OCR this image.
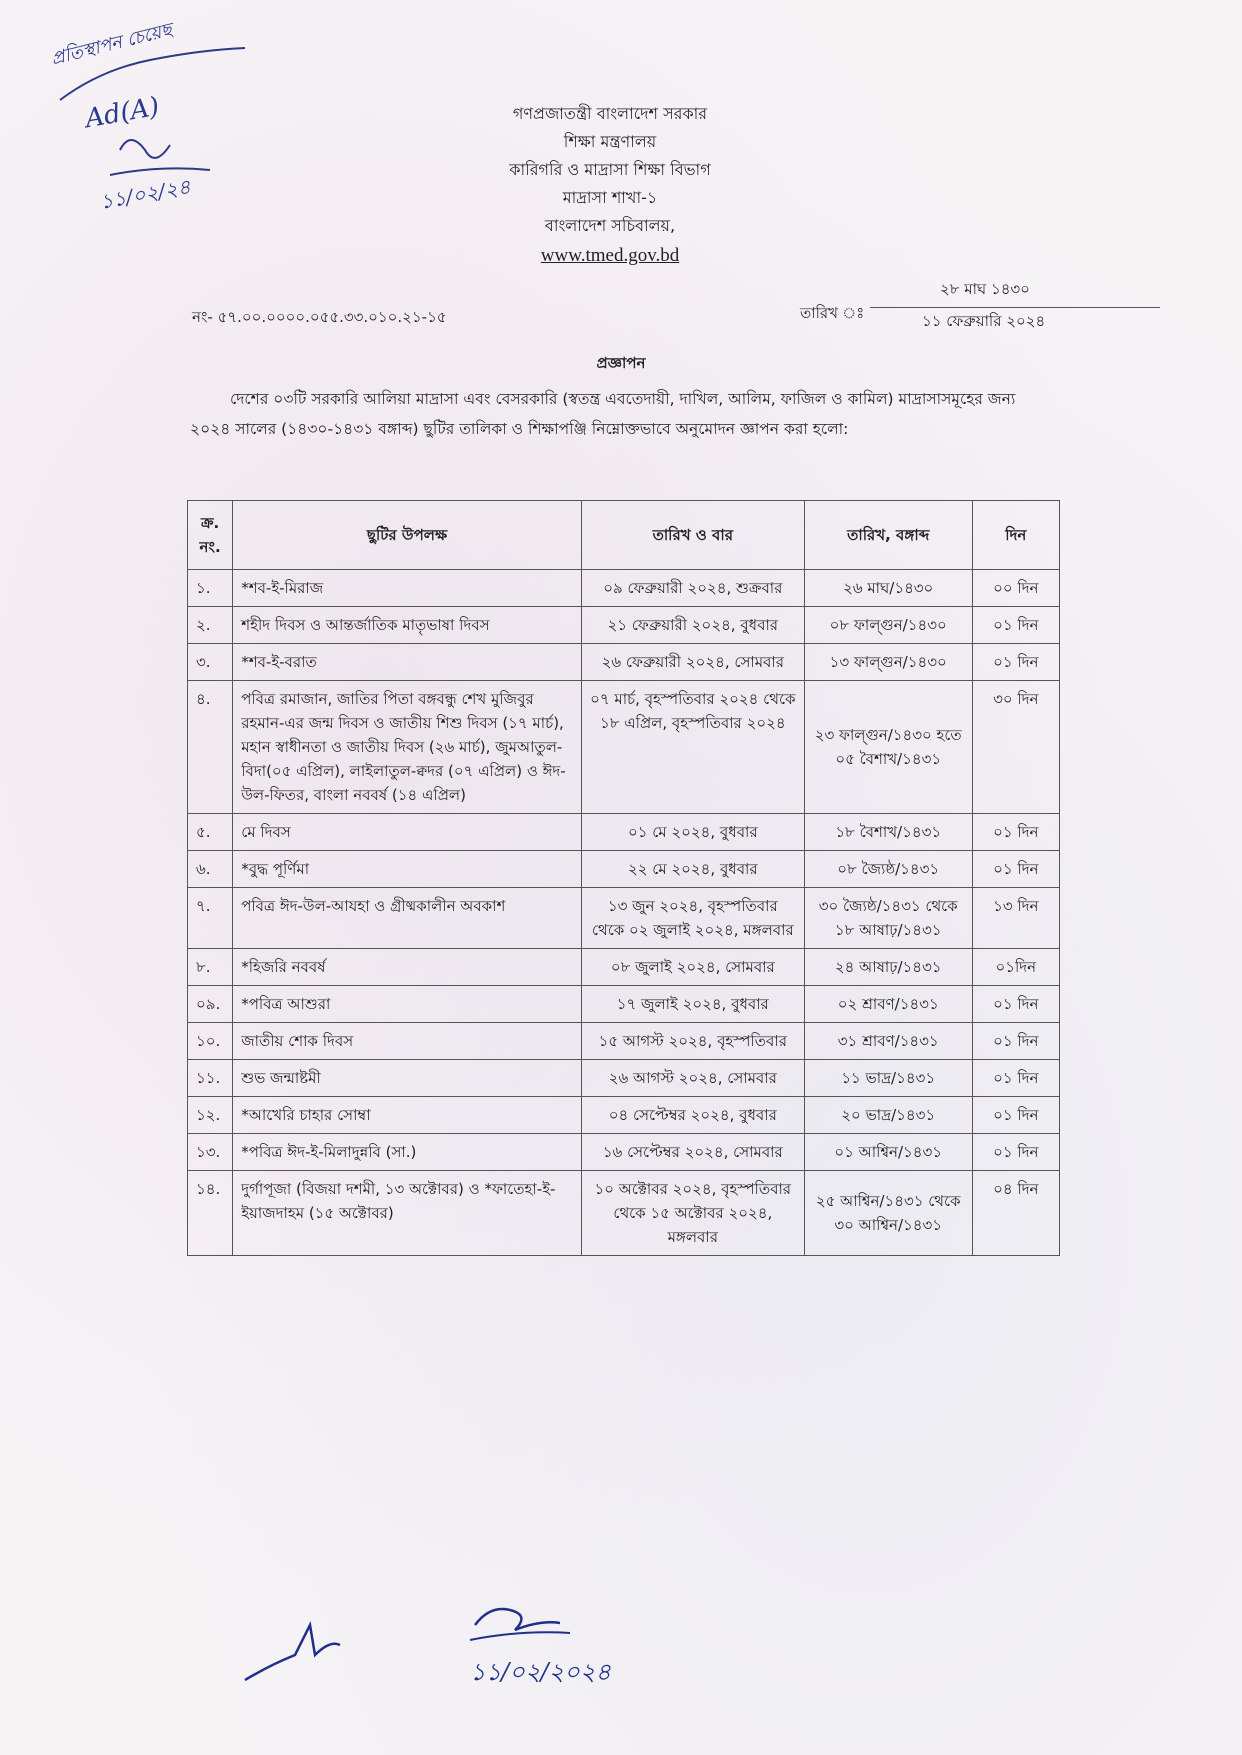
প্রতিস্থাপন চেয়েছ
Ad(A)
১১/০২/২৪
গণপ্রজাতন্ত্রী বাংলাদেশ সরকার
শিক্ষা মন্ত্রণালয়
কারিগরি ও মাদ্রাসা শিক্ষা বিভাগ
মাদ্রাসা শাখা-১
বাংলাদেশ সচিবালয়,
www.tmed.gov.bd
নং- ৫৭.০০.০০০০.০৫৫.৩৩.০১০.২১-১৫	তারিখ ঃ
২৮ মাঘ ১৪৩০
১১ ফেব্রুয়ারি ২০২৪
প্রজ্ঞাপন
দেশের ০৩টি সরকারি আলিয়া মাদ্রাসা এবং বেসরকারি (স্বতন্ত্র এবতেদায়ী, দাখিল, আলিম, ফাজিল ও কামিল) মাদ্রাসাসমূহের জন্য ২০২৪ সালের (১৪৩০-১৪৩১ বঙ্গাব্দ) ছুটির তালিকা ও শিক্ষাপঞ্জি নিম্নোক্তভাবে অনুমোদন জ্ঞাপন করা হলো:
ক্র. নং.	ছুটির উপলক্ষ	তারিখ ও বার	তারিখ, বঙ্গাব্দ	দিন
১.	*শব-ই-মিরাজ	০৯ ফেব্রুয়ারী ২০২৪, শুক্রবার	২৬ মাঘ/১৪৩০	০০ দিন
২.	শহীদ দিবস ও আন্তর্জাতিক মাতৃভাষা দিবস	২১ ফেব্রুয়ারী ২০২৪, বুধবার	০৮ ফাল্গুন/১৪৩০	০১ দিন
৩.	*শব-ই-বরাত	২৬ ফেব্রুয়ারী ২০২৪, সোমবার	১৩ ফাল্গুন/১৪৩০	০১ দিন
৪.	পবিত্র রমাজান, জাতির পিতা বঙ্গবন্ধু শেখ মুজিবুর রহমান-এর জন্ম দিবস ও জাতীয় শিশু দিবস (১৭ মার্চ), মহান স্বাধীনতা ও জাতীয় দিবস (২৬ মার্চ), জুমআতুল-বিদা(০৫ এপ্রিল), লাইলাতুল-ক্বদর (০৭ এপ্রিল) ও ঈদ-উল-ফিতর, বাংলা নববর্ষ (১৪ এপ্রিল)	০৭ মার্চ, বৃহস্পতিবার ২০২৪ থেকে ১৮ এপ্রিল, বৃহস্পতিবার ২০২৪	২৩ ফাল্গুন/১৪৩০ হতে ০৫ বৈশাখ/১৪৩১	৩০ দিন
৫.	মে দিবস	০১ মে ২০২৪, বুধবার	১৮ বৈশাখ/১৪৩১	০১ দিন
৬.	*বুদ্ধ পূর্ণিমা	২২ মে ২০২৪, বুধবার	০৮ জ্যৈষ্ঠ/১৪৩১	০১ দিন
৭.	পবিত্র ঈদ-উল-আযহা ও গ্রীষ্মকালীন অবকাশ	১৩ জুন ২০২৪, বৃহস্পতিবার থেকে ০২ জুলাই ২০২৪, মঙ্গলবার	৩০ জ্যৈষ্ঠ/১৪৩১ থেকে ১৮ আষাঢ়/১৪৩১	১৩ দিন
৮.	*হিজরি নববর্ষ	০৮ জুলাই ২০২৪, সোমবার	২৪ আষাঢ়/১৪৩১	০১দিন
০৯.	*পবিত্র আশুরা	১৭ জুলাই ২০২৪, বুধবার	০২ শ্রাবণ/১৪৩১	০১ দিন
১০.	জাতীয় শোক দিবস	১৫ আগস্ট ২০২৪, বৃহস্পতিবার	৩১ শ্রাবণ/১৪৩১	০১ দিন
১১.	শুভ জন্মাষ্টমী	২৬ আগস্ট ২০২৪, সোমবার	১১ ভাদ্র/১৪৩১	০১ দিন
১২.	*আখেরি চাহার সোম্বা	০৪ সেপ্টেম্বর ২০২৪, বুধবার	২০ ভাদ্র/১৪৩১	০১ দিন
১৩.	*পবিত্র ঈদ-ই-মিলাদুন্নবি (সা.)	১৬ সেপ্টেম্বর ২০২৪, সোমবার	০১ আশ্বিন/১৪৩১	০১ দিন
১৪.	দুর্গাপূজা (বিজয়া দশমী, ১৩ অক্টোবর) ও *ফাতেহা-ই- ইয়াজদাহম (১৫ অক্টোবর)	১০ অক্টোবর ২০২৪, বৃহস্পতিবার থেকে ১৫ অক্টোবর ২০২৪, মঙ্গলবার	২৫ আশ্বিন/১৪৩১ থেকে ৩০ আশ্বিন/১৪৩১	০৪ দিন
১১/০২/২০২৪
